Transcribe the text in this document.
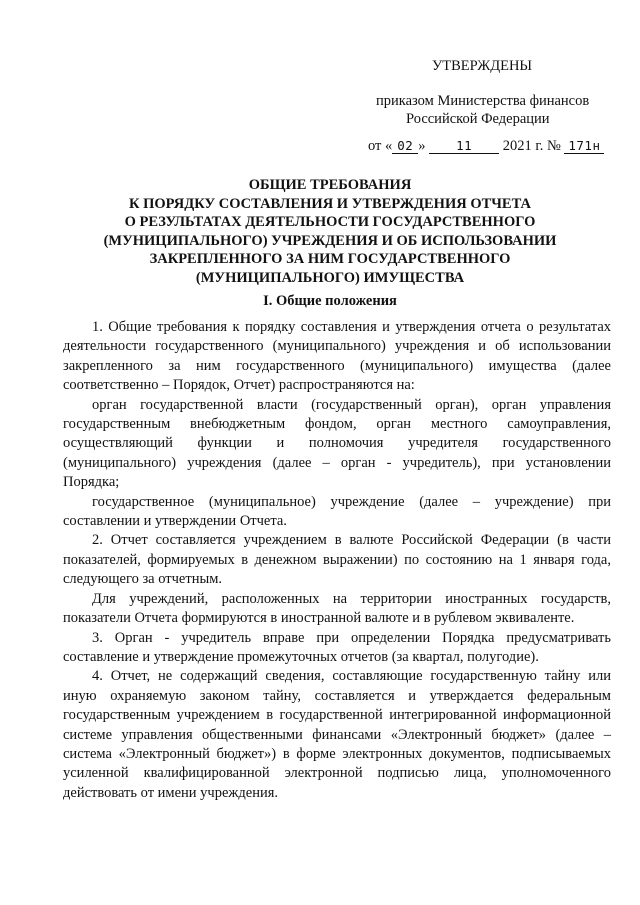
УТВЕРЖДЕНЫ
приказом Министерства финансов
Российской Федерации
от « 02 » 11 2021 г. № 171н
ОБЩИЕ ТРЕБОВАНИЯ
К ПОРЯДКУ СОСТАВЛЕНИЯ И УТВЕРЖДЕНИЯ ОТЧЕТА
О РЕЗУЛЬТАТАХ ДЕЯТЕЛЬНОСТИ ГОСУДАРСТВЕННОГО
(МУНИЦИПАЛЬНОГО) УЧРЕЖДЕНИЯ И ОБ ИСПОЛЬЗОВАНИИ
ЗАКРЕПЛЕННОГО ЗА НИМ ГОСУДАРСТВЕННОГО
(МУНИЦИПАЛЬНОГО) ИМУЩЕСТВА
I. Общие положения

1. Общие требования к порядку составления и утверждения отчета о результатах деятельности государственного (муниципального) учреждения и об использовании закрепленного за ним государственного (муниципального) имущества (далее соответственно – Порядок, Отчет) распространяются на:

орган государственной власти (государственный орган), орган управления государственным внебюджетным фондом, орган местного самоуправления, осуществляющий функции и полномочия учредителя государственного (муниципального) учреждения (далее – орган - учредитель), при установлении Порядка;

государственное (муниципальное) учреждение (далее – учреждение) при составлении и утверждении Отчета.

2. Отчет составляется учреждением в валюте Российской Федерации (в части показателей, формируемых в денежном выражении) по состоянию на 1 января года, следующего за отчетным.

Для учреждений, расположенных на территории иностранных государств, показатели Отчета формируются в иностранной валюте и в рублевом эквиваленте.

3. Орган - учредитель вправе при определении Порядка предусматривать составление и утверждение промежуточных отчетов (за квартал, полугодие).

4. Отчет, не содержащий сведения, составляющие государственную тайну или иную охраняемую законом тайну, составляется и утверждается федеральным государственным учреждением в государственной интегрированной информационной системе управления общественными финансами «Электронный бюджет» (далее – система «Электронный бюджет») в форме электронных документов, подписываемых усиленной квалифицированной электронной подписью лица, уполномоченного действовать от имени учреждения.
